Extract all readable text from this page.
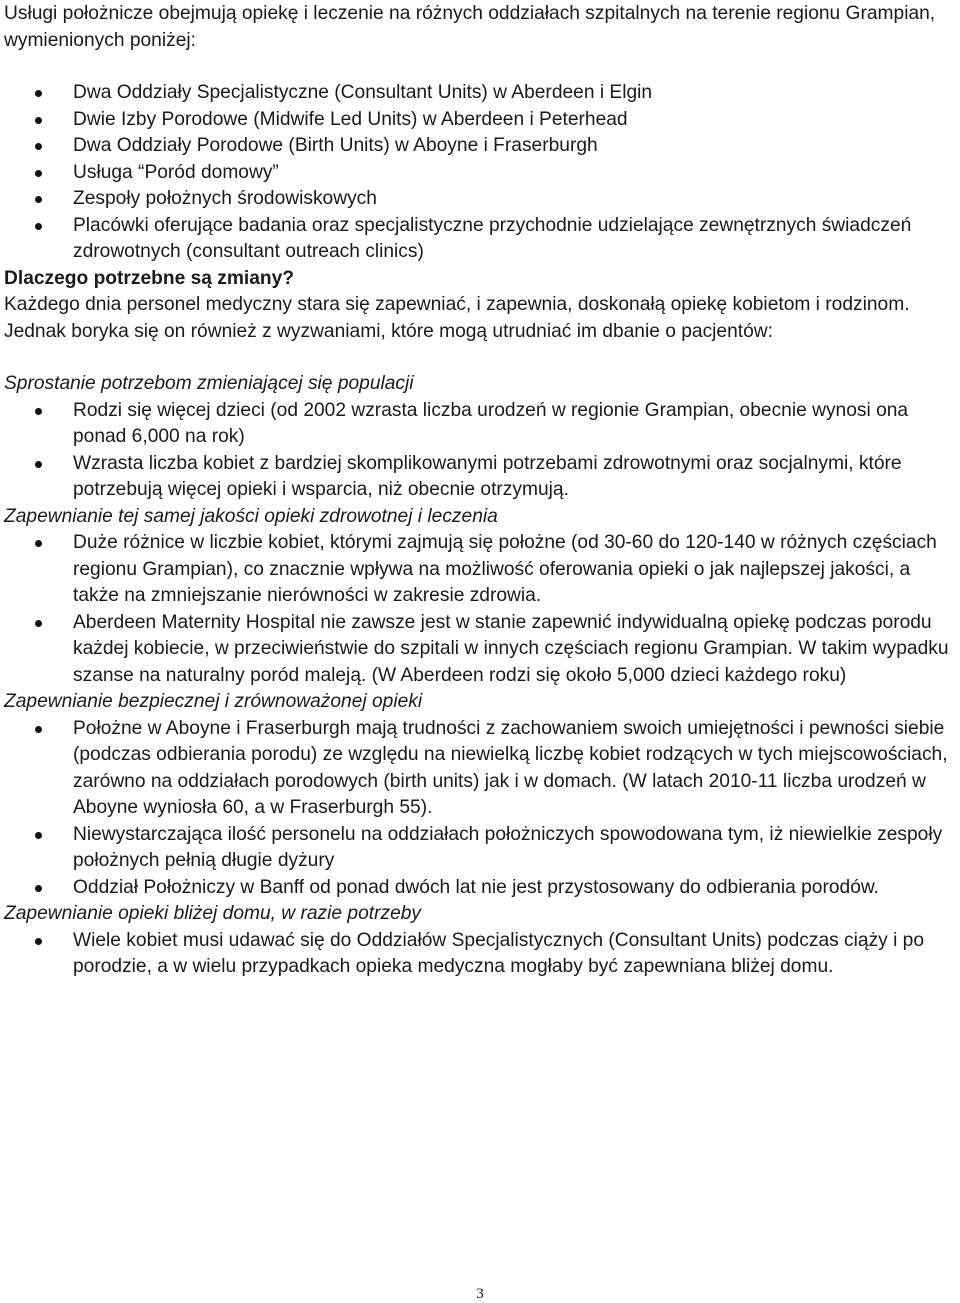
Usługi położnicze obejmują opiekę i leczenie na różnych oddziałach szpitalnych na terenie regionu Grampian, wymienionych poniżej:

Dwa Oddziały Specjalistyczne (Consultant Units) w Aberdeen i Elgin
Dwie Izby Porodowe (Midwife Led Units) w Aberdeen i Peterhead
Dwa Oddziały Porodowe (Birth Units) w Aboyne i Fraserburgh
Usługa “Poród domowy”
Zespoły położnych środowiskowych
Placówki oferujące badania oraz specjalistyczne przychodnie udzielające zewnętrznych świadczeń zdrowotnych (consultant outreach clinics)

Dlaczego potrzebne są zmiany?

Każdego dnia personel medyczny stara się zapewniać, i zapewnia, doskonałą opiekę kobietom i rodzinom. Jednak boryka się on również z wyzwaniami, które mogą utrudniać im dbanie o pacjentów:

Sprostanie potrzebom zmieniającej się populacji

Rodzi się więcej dzieci (od 2002 wzrasta liczba urodzeń w regionie Grampian, obecnie wynosi ona ponad 6,000 na rok)
Wzrasta liczba kobiet z bardziej skomplikowanymi potrzebami zdrowotnymi oraz socjalnymi, które potrzebują więcej opieki i wsparcia, niż obecnie otrzymują.

Zapewnianie tej samej jakości opieki zdrowotnej i leczenia

Duże różnice w liczbie kobiet, którymi zajmują się położne (od 30-60 do 120-140 w różnych częściach regionu Grampian), co znacznie wpływa na możliwość oferowania opieki o jak najlepszej jakości, a także na zmniejszanie nierówności w zakresie zdrowia.
Aberdeen Maternity Hospital nie zawsze jest w stanie zapewnić indywidualną opiekę podczas porodu każdej kobiecie, w przeciwieństwie do szpitali w innych częściach regionu Grampian. W takim wypadku szanse na naturalny poród maleją. (W Aberdeen rodzi się około 5,000 dzieci każdego roku)

Zapewnianie bezpiecznej i zrównoważonej opieki

Położne w Aboyne i Fraserburgh mają trudności z zachowaniem swoich umiejętności i pewności siebie (podczas odbierania porodu) ze względu na niewielką liczbę kobiet rodzących w tych miejscowościach, zarówno na oddziałach porodowych (birth units) jak i w domach. (W latach 2010-11 liczba urodzeń w Aboyne wyniosła 60, a w Fraserburgh 55).
Niewystarczająca ilość personelu na oddziałach położniczych spowodowana tym, iż niewielkie zespoły położnych pełnią długie dyżury
Oddział Położniczy w Banff od ponad dwóch lat nie jest przystosowany do odbierania porodów.

Zapewnianie opieki bliżej domu, w razie potrzeby

Wiele kobiet musi udawać się do Oddziałów Specjalistycznych (Consultant Units) podczas ciąży i po porodzie, a w wielu przypadkach opieka medyczna mogłaby być zapewniana bliżej domu.
3
